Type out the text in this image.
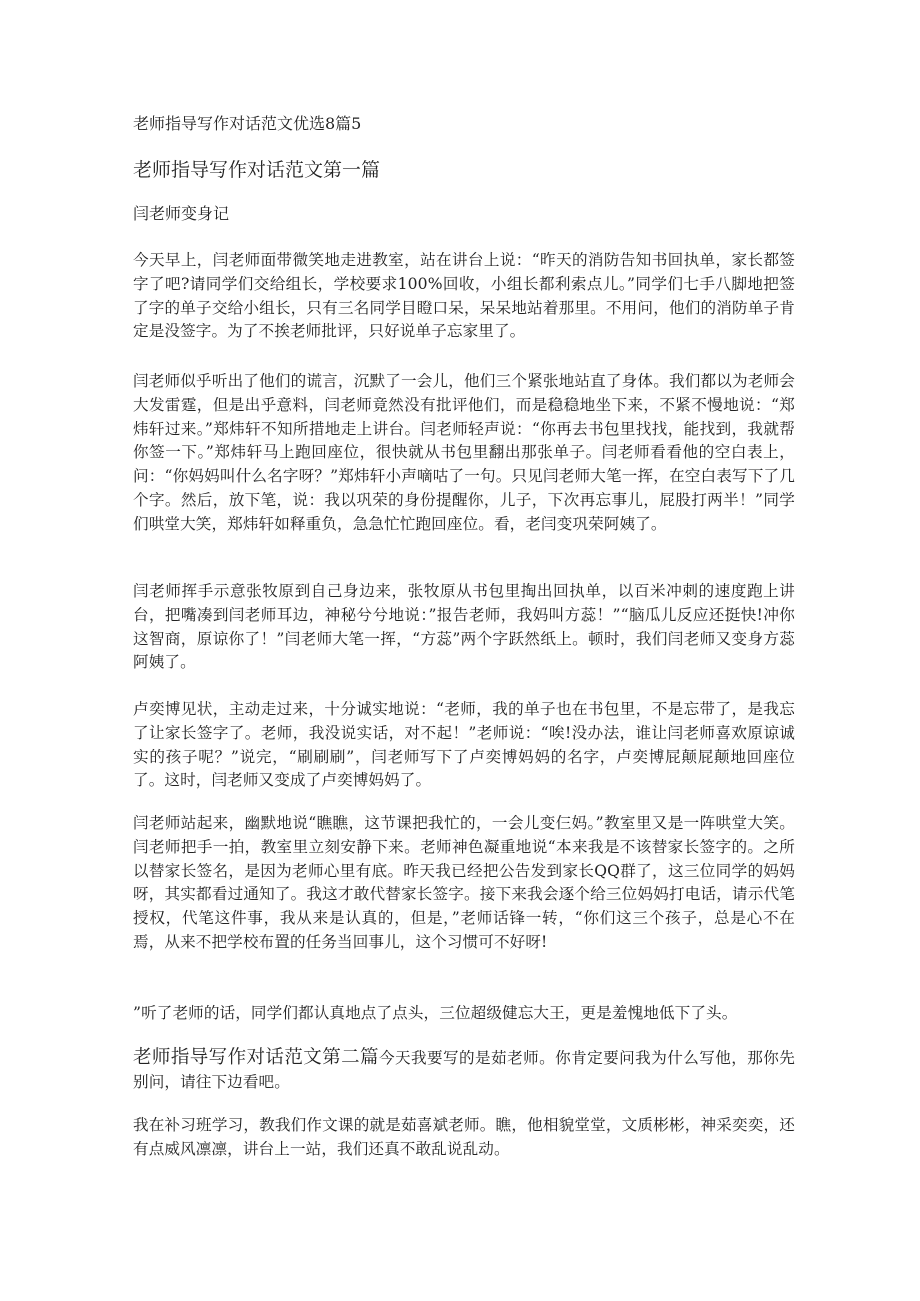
老师指导写作对话范文优选8篇5
老师指导写作对话范文第一篇
闫老师变身记
今天早上，闫老师面带微笑地走进教室，站在讲台上说：“昨天的消防告知书回执单，家长都签字了吧?请同学们交给组长，学校要求100%回收，小组长都利索点儿。”同学们七手八脚地把签了字的单子交给小组长，只有三名同学目瞪口呆，呆呆地站着那里。不用问，他们的消防单子肯定是没签字。为了不挨老师批评，只好说单子忘家里了。
闫老师似乎听出了他们的谎言，沉默了一会儿，他们三个紧张地站直了身体。我们都以为老师会大发雷霆，但是出乎意料，闫老师竟然没有批评他们，而是稳稳地坐下来，不紧不慢地说：“郑炜轩过来。”郑炜轩不知所措地走上讲台。闫老师轻声说：“你再去书包里找找，能找到，我就帮你签一下。”郑炜轩马上跑回座位，很快就从书包里翻出那张单子。闫老师看看他的空白表上，问：“你妈妈叫什么名字呀？”郑炜轩小声嘀咕了一句。只见闫老师大笔一挥，在空白表写下了几个字。然后，放下笔，说：我以巩荣的身份提醒你，儿子，下次再忘事儿，屁股打两半！”同学们哄堂大笑，郑炜轩如释重负，急急忙忙跑回座位。看，老闫变巩荣阿姨了。
闫老师挥手示意张牧原到自己身边来，张牧原从书包里掏出回执单，以百米冲刺的速度跑上讲台，把嘴凑到闫老师耳边，神秘兮兮地说：”报告老师，我妈叫方蕊！”“脑瓜儿反应还挺快!冲你这智商，原谅你了！”闫老师大笔一挥，“方蕊”两个字跃然纸上。顿时，我们闫老师又变身方蕊阿姨了。
卢奕博见状，主动走过来，十分诚实地说：“老师，我的单子也在书包里，不是忘带了，是我忘了让家长签字了。老师，我没说实话，对不起！”老师说：“唉!没办法，谁让闫老师喜欢原谅诚实的孩子呢？”说完，“刷刷刷”，闫老师写下了卢奕博妈妈的名字，卢奕博屁颠屁颠地回座位了。这时，闫老师又变成了卢奕博妈妈了。
闫老师站起来，幽默地说“瞧瞧，这节课把我忙的，一会儿变仨妈。”教室里又是一阵哄堂大笑。闫老师把手一拍，教室里立刻安静下来。老师神色凝重地说“本来我是不该替家长签字的。之所以替家长签名，是因为老师心里有底。昨天我已经把公告发到家长QQ群了，这三位同学的妈妈呀，其实都看过通知了。我这才敢代替家长签字。接下来我会逐个给三位妈妈打电话，请示代笔授权，代笔这件事，我从来是认真的，但是，”老师话锋一转，“你们这三个孩子，总是心不在焉，从来不把学校布置的任务当回事儿，这个习惯可不好呀!
”听了老师的话，同学们都认真地点了点头，三位超级健忘大王，更是羞愧地低下了头。
老师指导写作对话范文第二篇今天我要写的是茹老师。你肯定要问我为什么写他，那你先别问，请往下边看吧。
我在补习班学习，教我们作文课的就是茹喜斌老师。瞧，他相貌堂堂，文质彬彬，神采奕奕，还有点威风凛凛，讲台上一站，我们还真不敢乱说乱动。
